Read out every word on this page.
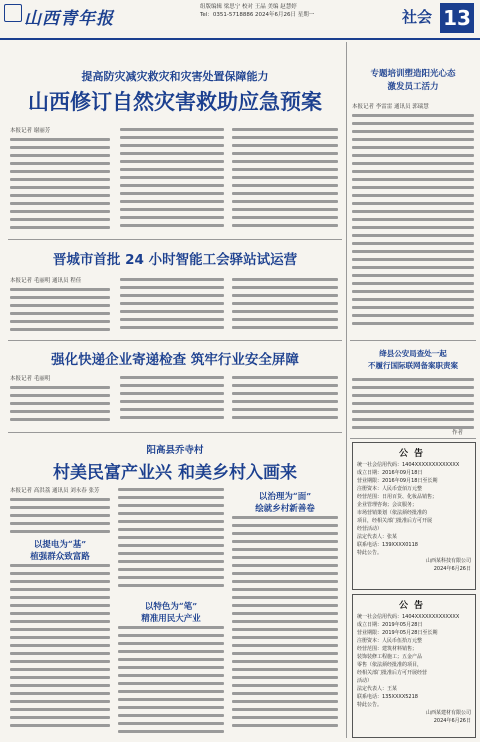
山西青年报
组版编辑 梁思宁 校对 王晶 美编 赵慧婷
Tel：0351-5718886 2024年6月26日 星期一	社会 13
提高防灾减灾救灾和灾害处置保障能力
山西修订自然灾害救助应急预案
本报记者 谢丽芳
晋城市首批 24 小时智能工会驿站试运营
本报记者 毛丽明 通讯员 程佳
强化快递企业寄递检查 筑牢行业安全屏障
本报记者 毛丽明
阳高县乔寺村
村美民富产业兴 和美乡村入画来
本报记者 高洪荔 通讯员 刘永春 张芳
以提电为“基”
植强群众致富路
以特色为“笔”
精准用民大产业
以治理为“面”
绘就乡村新善卷
专题培训塑造阳光心态
激发员工活力
本报记者 李雷雷 通讯员 郭瑞慧
绛县公安局查处一起
不履行国际联网备案职责案
作者
公告
统一社会信用代码：1404XXXXXXXXXXXXX
成立日期：2016年09月18日
营业期限：2016年09月18日至长期
注册资本：人民币壹佰万元整
经营范围：日用百货、化妆品销售；
企业管理咨询；会议服务；
市场营销策划（依法须经批准的
项目，经相关部门批准后方可开展
经营活动）
法定代表人：张某
联系电话：139XXXX0118
特此公告。
山西某科技有限公司
2024年6月26日
公告
统一社会信用代码：1404XXXXXXXXXXXXX
成立日期：2019年05月28日
营业期限：2019年05月28日至长期
注册资本：人民币伍拾万元整
经营范围：建筑材料销售；
装饰装修工程施工；五金产品
零售（依法须经批准的项目，
经相关部门批准后方可开展经营
活动）
法定代表人：王某
联系电话：135XXXX5218
特此公告。
山西某建材有限公司
2024年6月26日
